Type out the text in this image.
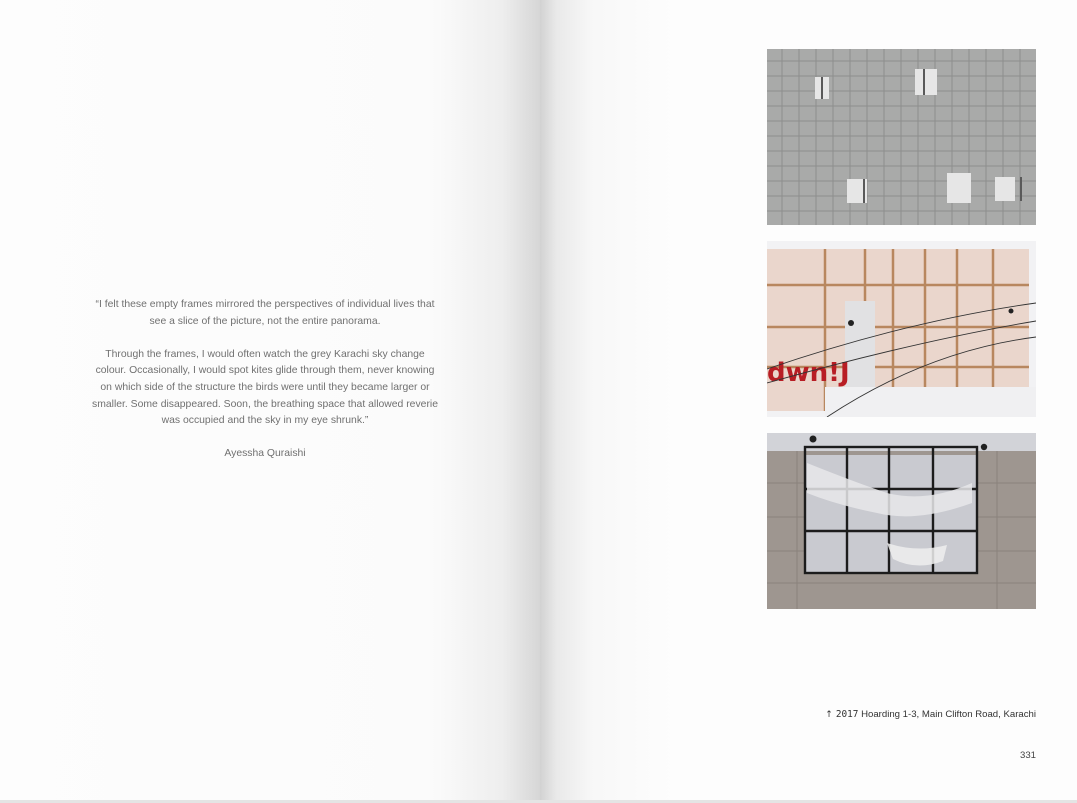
“I felt these empty frames mirrored the perspectives of individual lives that see a slice of the picture, not the entire panorama.

Through the frames, I would often watch the grey Karachi sky change colour. Occasionally, I would spot kites glide through them, never knowing on which side of the structure the birds were until they became larger or smaller. Some disappeared. Soon, the breathing space that allowed reverie was occupied and the sky in my eye shrunk.”

Ayessha Quraishi

dwn!J
↑ 2017 Hoarding 1-3, Main Clifton Road, Karachi
331
